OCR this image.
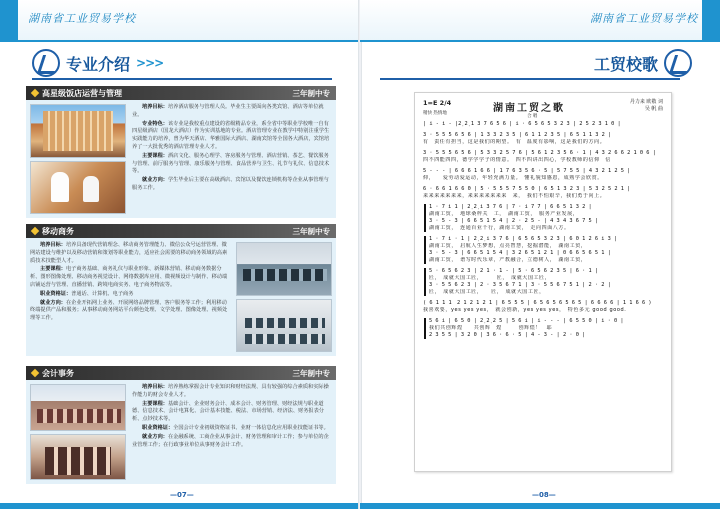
湖南省工业贸易学校
专业介绍 >>>
高星级饭店运营与管理	三年制中专

培养目标：培养酒店服务与管理人员。毕业生主要面向各类宾馆、酒店等单位就业。

专业特色：该专业是我校重点建设的省级精品专业，系全省中等职业学校唯一自有四星级酒店（国龙大酒店）作为实训基地的专业。酒店管理专业在教学中特别注重学生实践能力的培养，曾为华天酒店、华雅国际大酒店、湖南宾馆等全国各大酒店，宾馆培养了一大批优秀的酒店管理专业人才。

主要课程：酒店文化、服务心理学、客房服务与管理、酒店营销、茶艺、餐饮服务与管理、前厅服务与管理、康乐服务与管理、食品营养与卫生、礼节与礼仪、信息技术等。

就业方向：学生毕业后主要在高级酒店、宾馆以及餐饮连锁机构等企业从事管理与服务工作。

移动商务	三年制中专

培养目标：培养具备现代营销理念、移动商务管理能力、微信公众号运营管理、微网站建设与维护以及移动营销和策划等职业能力，适应社会需要的移动商务领域的高素质技术技能型人才。

主要课程：电子商务基础、商务礼仪与职业形象、新媒体营销、移动商务数据分析、图形图像处理、移动商务视觉设计、网络数据库应用、微视频设计与制作、移动端店铺运营与管理、直播营销、跨境电商实务、电子商务物流等。

职业资格证：普通话、计算机、电子商务

就业方向：在企业开拓网上业务、开展网络品牌管理、客户服务等工作；利用移动终端提供产品和服务；从事移动商务网站平台颜色处理、文学处理、图像处理、视频处理等工作。

会计事务	三年制中专

培养目标：培养熟练掌握会计专业知识和财经法规、具有较强的综合素质和实际操作能力的财会专业人才。

主要课程：基础会计、企业财务会计、成本会计、财务管理、财经法规与职业道德、信息技术、会计电算化、会计基本技能、税法、市场营销、经济法、财务报表分析、点钞技术等。

职业资格证：全国会计专业初级资格证书、业财一体信息化应用职业技能证书等。

就业方向：在金融系统、工商企业从事会计、财务管理和审计工作；参与单位的企业管理工作；在行政事业单位从事财务会计工作。

—07—
湖南省工业贸易学校
工贸校歌
1=E 2/4
稍快 热情地	湖南工贸之歌
合 唱
丹力来 欧敬 词
吴 帆 曲
| i - i - |2̣ 2̣ 1 3 7 6 5 6 | i · 6 5 6 5 3 2 3 | 2 5 2 3 1 0 |
3 · 5 5 5 6 5 6 | 1 3 3 2 3 5 | 6 1 1 2 3 5 | 6 5 1 1 3 2 |
有　责任有担当，这是我们的期望。　有　温度有影响，这是我们的方向。
3 · 5 5 5 6 5 6 | 5 3 3 2 5 7 6 | 5 6 1 2 3 5 6 · 1 | 4 3 2 6 6 2 1 0 6 |
四不四能四四，德学学学子的情意。　四不四讲出四心，学校教师的信仰　信
5 - - - | 6 6 6 1 6 6 | 1 7 6 3 5 6 · 5 | 5 7 5 5 | 4 3 2 1 2 5 |
仰，　　爱劳动爱运动，年轻充满力量。　懂礼貌知感恩，成熟学会欣赏。
6 · 6 6 1 6 6 0 | 5 · 5 5 5 7 5 5 0 | 6 5 1 3 2 3 | 5 3 2 5 2 1 |
来来来来来来来，来来来来来来来　来，　我们不怕艰辛，我们勇于向上。
1 · 7 i 1 | 2̣ 2̣ i 3 7 6 | 7 · i 7 7 | 6 6 5 1 3 2 |
湖南工贸，　地球桑梓关　工，　湖南工贸，　服务产业发展，
3 · 5 - 3 | 6 6 5 1 5 4 | 2 · 2 5 - | 4 3 4 3 6 7 5 |
湖南工贸，　连通百业千行，湖南工贸，　走向四面八方。
1 · 7 i · 1 | 2̣ 2̣ i 3 7 6 | 6 5 6 5 3 2 3 | 6 0 1 2 6 i 3 |
湖南工贸，　启航人生梦想，点亮智慧，挖掘潜能，　湖南工贸，
3 · 5 - 3 | 6 6 5 1 5 4 | 3 2 6 5 1 2 1 | 0 6 6 5 6 5 1 |
湖南工贸，　谱写时代乐章，产教融合，立德树人，　湖南工贸，
5 · 6 5 6 2 3 | 2 1 · 1 - | 5 · 6 5 6 2 3 5 | 6 · 1 |
匠，　成就大国工匠，　　　匠，　成就大国工匠，
3 · 5 5 6 2 3 | 2 · 3 5 6 7 1 | 3 · 5 5 6 7 5 1 | 2 · 2 |
匠，　成就大国工匠，　　匠，　成就大国工匠，
( 6 1 1 1　2 1 2 1 2 1 | 6 5 5 5 | 6 5 6 5 6 5 6 5 | 6 6 6 6 | 1 1 6 6 )
我喜欢要，yes yes yes，　就会创新，yes yes yes，　特色多元 good good.
5 6 i | 6 5 0 | 2̣ 2̣ 2 5 | 5 6 i | i - - - | 6 5 5 0 | i · 0 |
我们共创辉煌　　共创辉　煌　　　创辉煌！　耶
2 3 5 5 | 3 2 0 | 3 6 · 6 · 5 | 4 - 3 - | 2 · 0 |
—08—
